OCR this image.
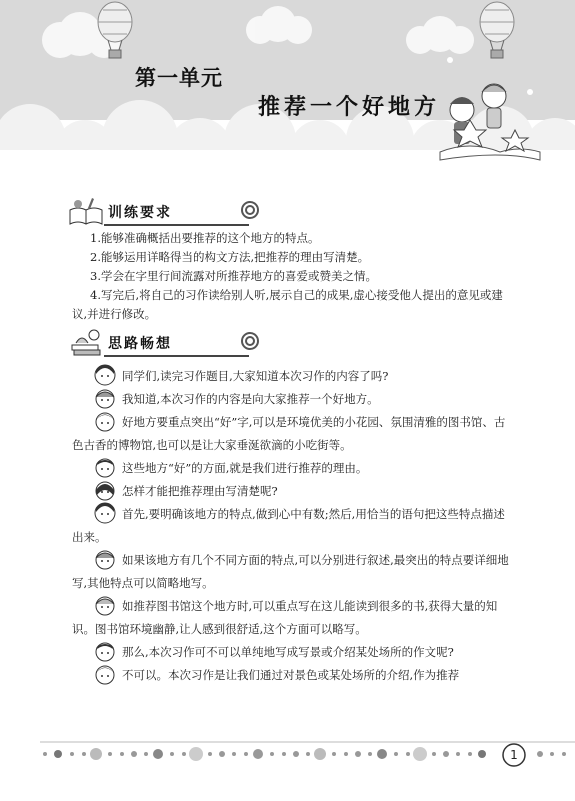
第一单元
推荐一个好地方
训练要求

1.能够准确概括出要推荐的这个地方的特点。

2.能够运用详略得当的构文方法,把推荐的理由写清楚。

3.学会在字里行间流露对所推荐地方的喜爱或赞美之情。

4.写完后,将自己的习作读给别人听,展示自己的成果,虚心接受他人提出的意见或建议,并进行修改。

思路畅想

同学们,读完习作题目,大家知道本次习作的内容了吗?

我知道,本次习作的内容是向大家推荐一个好地方。

好地方要重点突出“好”字,可以是环境优美的小花园、氛围清雅的图书馆、古色古香的博物馆,也可以是让大家垂涎欲滴的小吃街等。

这些地方“好”的方面,就是我们进行推荐的理由。

怎样才能把推荐理由写清楚呢?

首先,要明确该地方的特点,做到心中有数;然后,用恰当的语句把这些特点描述出来。

如果该地方有几个不同方面的特点,可以分别进行叙述,最突出的特点要详细地写,其他特点可以简略地写。

如推荐图书馆这个地方时,可以重点写在这儿能读到很多的书,获得大量的知识。图书馆环境幽静,让人感到很舒适,这个方面可以略写。

那么,本次习作可不可以单纯地写成写景或介绍某处场所的作文呢?

不可以。本次习作是让我们通过对景色或某处场所的介绍,作为推荐

1
